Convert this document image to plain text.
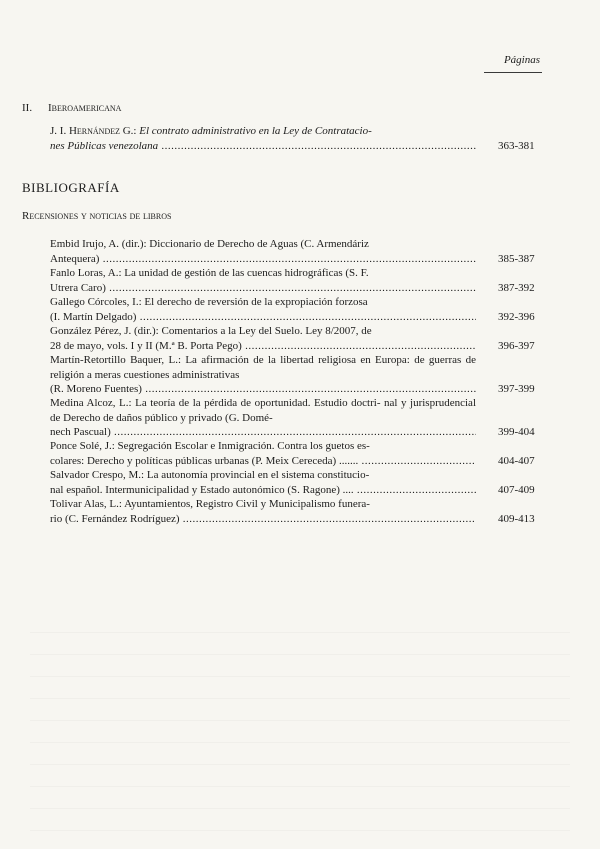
Páginas
II. Iberoamericana
J. I. Hernández G.: El contrato administrativo en la Ley de Contratacio-
nes Públicas venezolana .....	363-381
BIBLIOGRAFÍA
Recensiones y noticias de libros
Embid Irujo, A. (dir.): Diccionario de Derecho de Aguas (C. Armendáriz
Antequera) .....	385-387
Fanlo Loras, A.: La unidad de gestión de las cuencas hidrográficas (S. F.
Utrera Caro) .....	387-392
Gallego Córcoles, I.: El derecho de reversión de la expropiación forzosa
(I. Martín Delgado) .....	392-396
González Pérez, J. (dir.): Comentarios a la Ley del Suelo. Ley 8/2007, de
28 de mayo, vols. I y II (M.ª B. Porta Pego) .....	396-397
Martín-Retortillo Baquer, L.: La afirmación de la libertad religiosa en Europa: de guerras de religión a meras cuestiones administrativas
(R. Moreno Fuentes) .....	397-399
Medina Alcoz, L.: La teoría de la pérdida de oportunidad. Estudio doctri- nal y jurisprudencial de Derecho de daños público y privado (G. Domé-
nech Pascual) .....	399-404
Ponce Solé, J.: Segregación Escolar e Inmigración. Contra los guetos es-
colares: Derecho y políticas públicas urbanas (P. Meix Cereceda) ....... .....	404-407
Salvador Crespo, M.: La autonomía provincial en el sistema constitucio-
nal español. Intermunicipalidad y Estado autonómico (S. Ragone) .... .....	407-409
Tolivar Alas, L.: Ayuntamientos, Registro Civil y Municipalismo funera-
rio (C. Fernández Rodríguez) .....	409-413
